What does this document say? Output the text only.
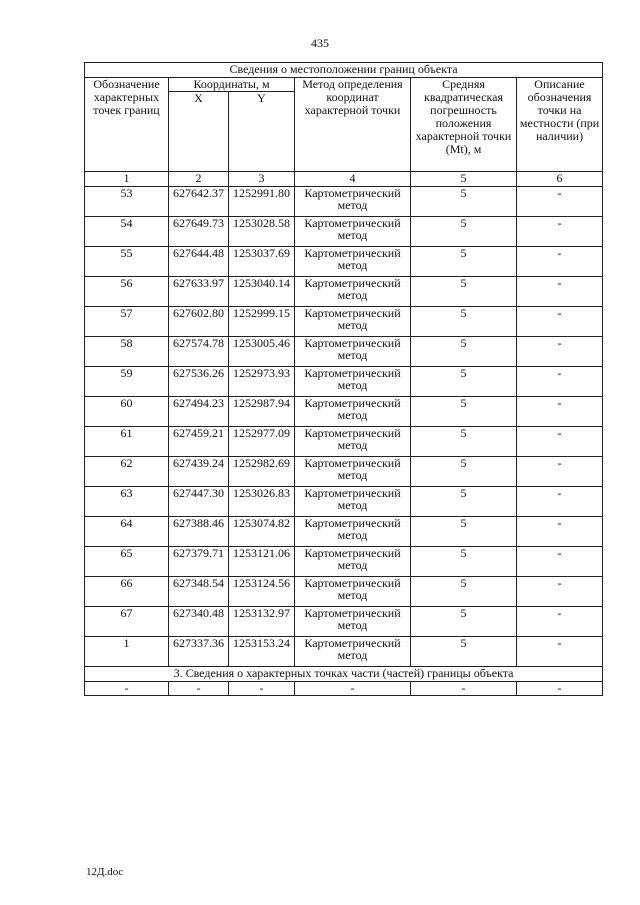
435
Сведения о местоположении границ объекта					
Обозначение характерных точек границ	Координаты, м		Метод определения координат характерной точки	Средняя квадратическая погрешность положения характерной точки (Mt), м	Описание обозначения точки на местности (при наличии)
	X	Y			
1	2	3	4	5	6
53	627642.37	1252991.80	Картометрический метод	5	-
54	627649.73	1253028.58	Картометрический метод	5	-
55	627644.48	1253037.69	Картометрический метод	5	-
56	627633.97	1253040.14	Картометрический метод	5	-
57	627602.80	1252999.15	Картометрический метод	5	-
58	627574.78	1253005.46	Картометрический метод	5	-
59	627536.26	1252973.93	Картометрический метод	5	-
60	627494.23	1252987.94	Картометрический метод	5	-
61	627459.21	1252977.09	Картометрический метод	5	-
62	627439.24	1252982.69	Картометрический метод	5	-
63	627447.30	1253026.83	Картометрический метод	5	-
64	627388.46	1253074.82	Картометрический метод	5	-
65	627379.71	1253121.06	Картометрический метод	5	-
66	627348.54	1253124.56	Картометрический метод	5	-
67	627340.48	1253132.97	Картометрический метод	5	-
1	627337.36	1253153.24	Картометрический метод	5	-
3. Сведения о характерных точках части (частей) границы объекта					
-	-	-	-	-	-
12Д.doc
